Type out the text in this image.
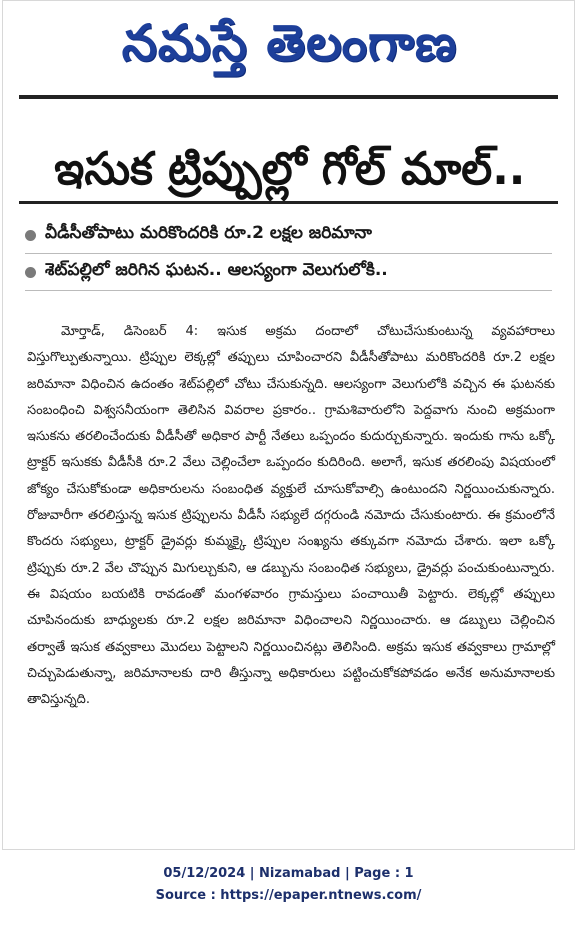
నమస్తే తెలంగాణ
ఇసుక ట్రిప్పుల్లో గోల్‌ మాల్‌..
వీడీసీతోపాటు మరికొందరికి రూ.2 లక్షల జరిమానా
శెట్‌పల్లిలో జరిగిన ఘటన.. ఆలస్యంగా వెలుగులోకి..

మోర్తాడ్‌, డిసెంబర్‌ 4: ఇసుక అక్రమ దందాలో చోటుచేసుకుంటున్న వ్యవహారాలు విస్తుగొల్పుతున్నాయి. ట్రిప్పుల లెక్కల్లో తప్పులు చూపించారని వీడీసీతోపాటు మరికొందరికి రూ.2 లక్షల జరిమానా విధించిన ఉదంతం శెట్‌పల్లిలో చోటు చేసుకున్నది. ఆలస్యంగా వెలుగులోకి వచ్చిన ఈ ఘటనకు సంబంధించి విశ్వసనీయంగా తెలిసిన వివరాల ప్రకారం.. గ్రామశివారులోని పెద్దవాగు నుంచి అక్రమంగా ఇసుకను తరలించేందుకు వీడీసీతో అధికార పార్టీ నేతలు ఒప్పందం కుదుర్చుకున్నారు. ఇందుకు గాను ఒక్కో ట్రాక్టర్‌ ఇసుకకు వీడీసీకి రూ.2 వేలు చెల్లించేలా ఒప్పందం కుదిరింది. అలాగే, ఇసుక తరలింపు విషయంలో జోక్యం చేసుకోకుండా అధికారులను సంబంధిత వ్యక్తులే చూసుకోవాల్సి ఉంటుందని నిర్ణయించుకున్నారు. రోజువారీగా తరలిస్తున్న ఇసుక ట్రిప్పులను వీడీసీ సభ్యులే దగ్గరుండి నమోదు చేసుకుంటారు. ఈ క్రమంలోనే కొందరు సభ్యులు, ట్రాక్టర్‌ డ్రైవర్లు కుమ్మక్కై ట్రిప్పుల సంఖ్యను తక్కువగా నమోదు చేశారు. ఇలా ఒక్కో ట్రిప్పుకు రూ.2 వేల చొప్పున మిగుల్చుకుని, ఆ డబ్బును సంబంధిత సభ్యులు, డ్రైవర్లు పంచుకుంటున్నారు. ఈ విషయం బయటికి రావడంతో మంగళవారం గ్రామస్తులు పంచాయితీ పెట్టారు. లెక్కల్లో తప్పులు చూపినందుకు బాధ్యులకు రూ.2 లక్షల జరిమానా విధించాలని నిర్ణయించారు. ఆ డబ్బులు చెల్లించిన తర్వాతే ఇసుక తవ్వకాలు మొదలు పెట్టాలని నిర్ణయించినట్లు తెలిసింది. అక్రమ ఇసుక తవ్వకాలు గ్రామాల్లో చిచ్చుపెడుతున్నా, జరిమానాలకు దారి తీస్తున్నా అధికారులు పట్టించుకోకపోవడం అనేక అనుమానాలకు తావిస్తున్నది.

05/12/2024 | Nizamabad | Page : 1
Source : https://epaper.ntnews.com/
